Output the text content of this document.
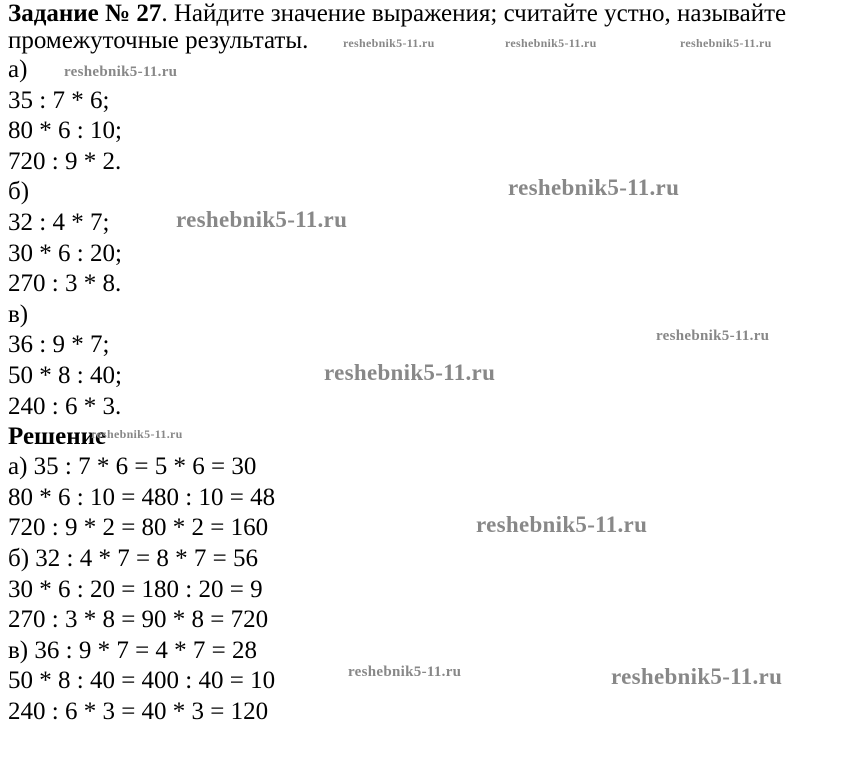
Задание № 27. Найдите значение выражения; считайте устно, называйте
промежуточные результаты.
а)
35 : 7 * 6;
80 * 6 : 10;
720 : 9 * 2.
б)
32 : 4 * 7;
30 * 6 : 20;
270 : 3 * 8.
в)
36 : 9 * 7;
50 * 8 : 40;
240 : 6 * 3.
Решение
а) 35 : 7 * 6 = 5 * 6 = 30
80 * 6 : 10 = 480 : 10 = 48
720 : 9 * 2 = 80 * 2 = 160
б) 32 : 4 * 7 = 8 * 7 = 56
30 * 6 : 20 = 180 : 20 = 9
270 : 3 * 8 = 90 * 8 = 720
в) 36 : 9 * 7 = 4 * 7 = 28
50 * 8 : 40 = 400 : 40 = 10
240 : 6 * 3 = 40 * 3 = 120
reshebnik5-11.ru	reshebnik5-11.ru	reshebnik5-11.ru
reshebnik5-11.ru
reshebnik5-11.ru
reshebnik5-11.ru
reshebnik5-11.ru
reshebnik5-11.ru
reshebnik5-11.ru
reshebnik5-11.ru
reshebnik5-11.ru	reshebnik5-11.ru
